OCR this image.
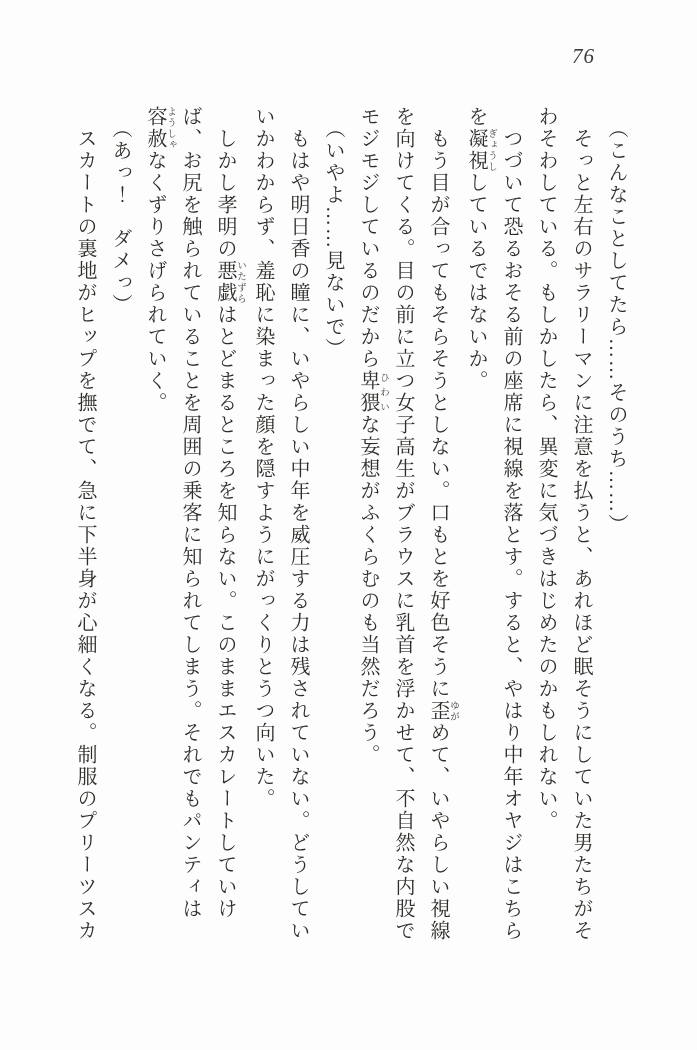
76

　（こんなことしてたら……そのうち……）

　そっと左右のサラリーマンに注意を払うと、あれほど眠そうにしていた男たちがそわそわしている。もしかしたら、異変に気づきはじめたのかもしれない。

　つづいて恐るおそる前の座席に視線を落とす。すると、やはり中年オヤジはこちらを凝視 ぎょうししているではないか。

　もう目が合ってもそらそうとしない。口もとを好色そうに歪 ゆがめて、いやらしい視線を向けてくる。目の前に立つ女子高生がブラウスに乳首を浮かせて、不自然な内股でモジモジしているのだから卑猥 ひわいな妄想がふくらむのも当然だろう。

　（いやよ……見ないで）

　もはや明日香の瞳に、いやらしい中年を威圧する力は残されていない。どうしていいかわからず、羞恥に染まった顔を隠すようにがっくりとうつ向いた。

　しかし孝明の悪戯 いたずらはとどまるところを知らない。このままエスカレートしていけば、お尻を触られていることを周囲の乗客に知られてしまう。それでもパンティは容赦 ようしゃなくずりさげられていく。

　（あっ！　ダメっ）

　スカートの裏地がヒップを撫でて、急に下半身が心細くなる。制服のプリーツスカ
